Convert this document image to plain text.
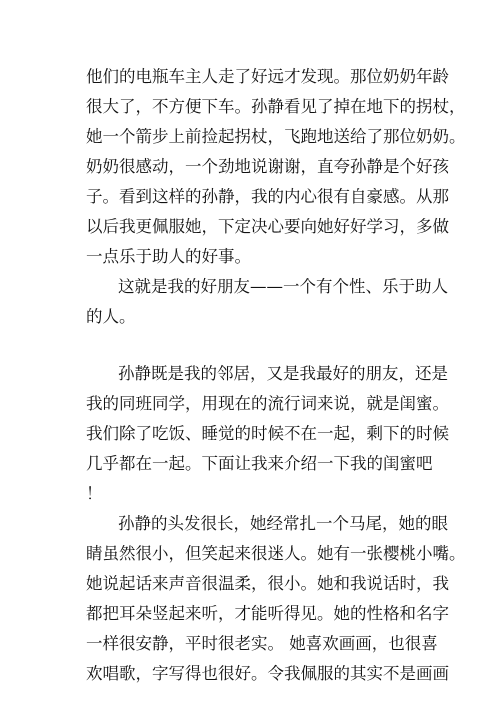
他们的电瓶车主人走了好远才发现。那位奶奶年龄
很大了，不方便下车。孙静看见了掉在地下的拐杖，
她一个箭步上前捡起拐杖，飞跑地送给了那位奶奶。
奶奶很感动，一个劲地说谢谢，直夸孙静是个好孩
子。看到这样的孙静，我的内心很有自豪感。从那
以后我更佩服她，下定决心要向她好好学习，多做
一点乐于助人的好事。
这就是我的好朋友——一个有个性、乐于助人
的人。
孙静既是我的邻居，又是我最好的朋友，还是
我的同班同学，用现在的流行词来说，就是闺蜜。
我们除了吃饭、睡觉的时候不在一起，剩下的时候
几乎都在一起。下面让我来介绍一下我的闺蜜吧
！
孙静的头发很长，她经常扎一个马尾，她的眼
睛虽然很小，但笑起来很迷人。她有一张樱桃小嘴。
她说起话来声音很温柔，很小。她和我说话时，我
都把耳朵竖起来听，才能听得见。她的性格和名字
一样很安静，平时很老实。 她喜欢画画，也很喜
欢唱歌，字写得也很好。令我佩服的其实不是画画
